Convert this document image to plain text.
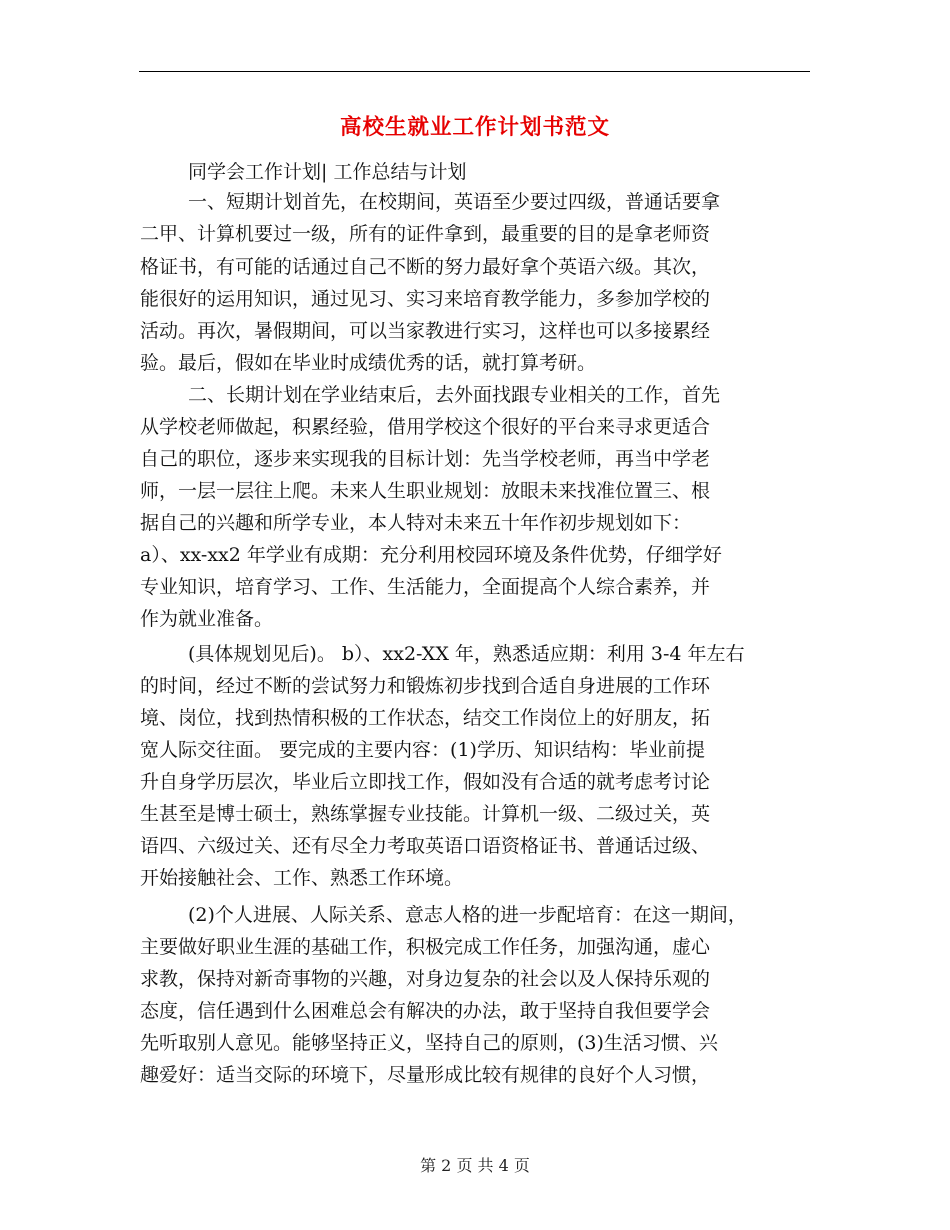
高校生就业工作计划书范文
同学会工作计划| 工作总结与计划
一、短期计划首先，在校期间，英语至少要过四级，普通话要拿
二甲、计算机要过一级，所有的证件拿到，最重要的目的是拿老师资
格证书，有可能的话通过自己不断的努力最好拿个英语六级。其次，
能很好的运用知识，通过见习、实习来培育教学能力，多参加学校的
活动。再次，暑假期间，可以当家教进行实习，这样也可以多接累经
验。最后，假如在毕业时成绩优秀的话，就打算考研。
二、长期计划在学业结束后，去外面找跟专业相关的工作，首先
从学校老师做起，积累经验，借用学校这个很好的平台来寻求更适合
自己的职位，逐步来实现我的目标计划：先当学校老师，再当中学老
师，一层一层往上爬。未来人生职业规划：放眼未来找准位置三、根
据自己的兴趣和所学专业，本人特对未来五十年作初步规划如下：
a）、xx-xx2 年学业有成期：充分利用校园环境及条件优势，仔细学好
专业知识，培育学习、工作、生活能力，全面提高个人综合素养，并
作为就业准备。
(具体规划见后)。 b）、xx2-XX 年，熟悉适应期：利用 3-4 年左右
的时间，经过不断的尝试努力和锻炼初步找到合适自身进展的工作环
境、岗位，找到热情积极的工作状态，结交工作岗位上的好朋友，拓
宽人际交往面。 要完成的主要内容：(1)学历、知识结构：毕业前提
升自身学历层次，毕业后立即找工作，假如没有合适的就考虑考讨论
生甚至是博士硕士，熟练掌握专业技能。计算机一级、二级过关，英
语四、六级过关、还有尽全力考取英语口语资格证书、普通话过级、
开始接触社会、工作、熟悉工作环境。
(2)个人进展、人际关系、意志人格的进一步配培育：在这一期间，
主要做好职业生涯的基础工作，积极完成工作任务，加强沟通，虚心
求教，保持对新奇事物的兴趣，对身边复杂的社会以及人保持乐观的
态度，信任遇到什么困难总会有解决的办法，敢于坚持自我但要学会
先听取别人意见。能够坚持正义，坚持自己的原则，(3)生活习惯、兴
趣爱好：适当交际的环境下，尽量形成比较有规律的良好个人习惯，
第 2 页 共 4 页
